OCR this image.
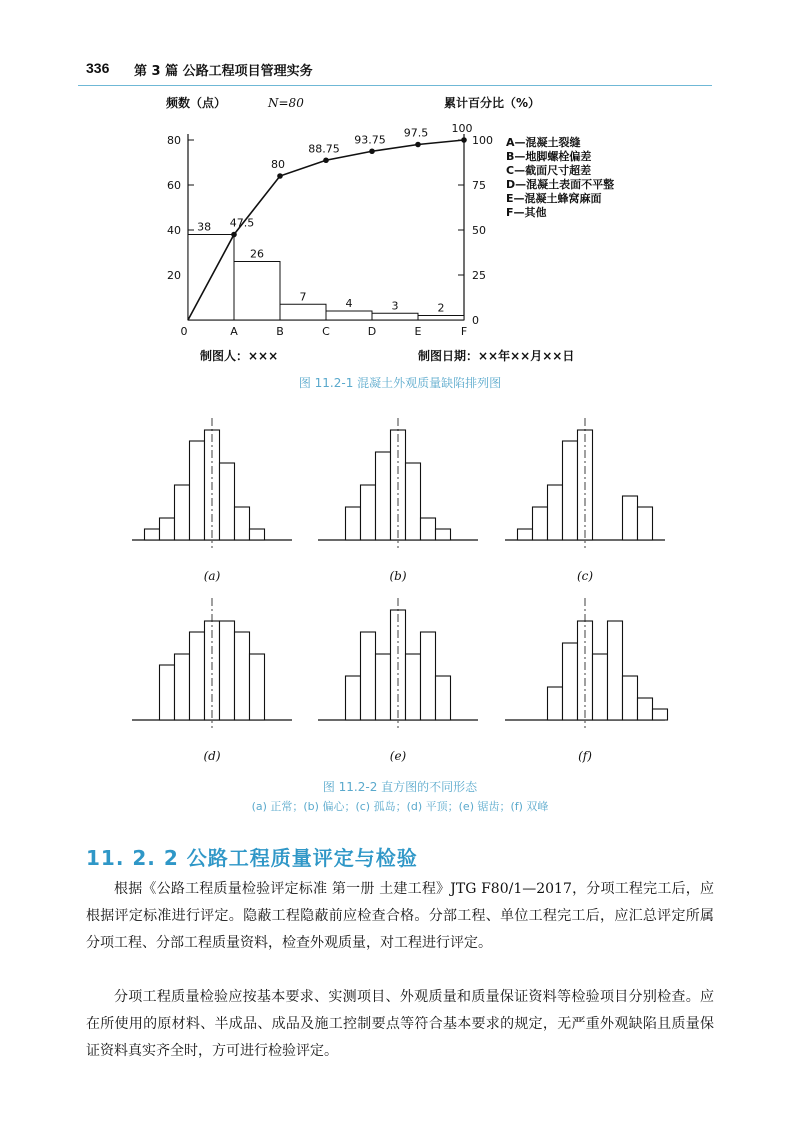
336 第 3 篇 公路工程项目管理实务
频数（点）	N=80	累计百分比（%）
20
40
60
80
0
25
50
75
100
0
38
A
26
B
7
C
4
D
3
E
2
F
47.5
80
88.75
93.75
97.5 100
A—混凝土裂缝
B—地脚螺栓偏差
C—截面尺寸超差
D—混凝土表面不平整
E—混凝土蜂窝麻面
F—其他
制图人：×××	制图日期：××年××月××日
图 11.2-1 混凝土外观质量缺陷排列图
(a)	(b)	(c)
(d)	(e)	(f)
图 11.2-2 直方图的不同形态
(a) 正常；(b) 偏心；(c) 孤岛；(d) 平顶；(e) 锯齿；(f) 双峰
11. 2. 2 公路工程质量评定与检验

根据《公路工程质量检验评定标准 第一册 土建工程》JTG F80/1—2017，分项工程完工后，应根据评定标准进行评定。隐蔽工程隐蔽前应检查合格。分部工程、单位工程完工后，应汇总评定所属分项工程、分部工程质量资料，检查外观质量，对工程进行评定。

分项工程质量检验应按基本要求、实测项目、外观质量和质量保证资料等检验项目分别检查。应在所使用的原材料、半成品、成品及施工控制要点等符合基本要求的规定，无严重外观缺陷且质量保证资料真实齐全时，方可进行检验评定。
